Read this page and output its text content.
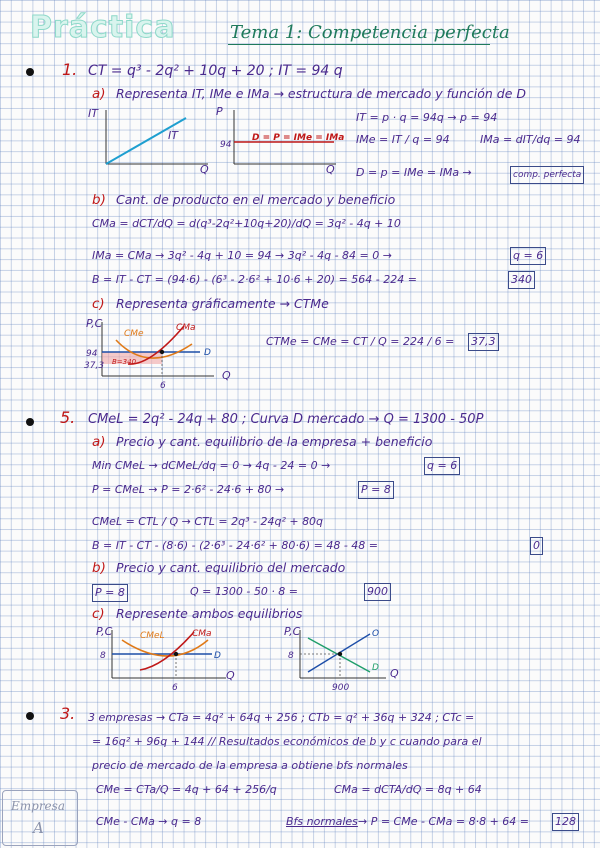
Práctica	Tema 1: Competencia perfecta
1. CT = q³ - 2q² + 10q + 20 ; IT = 94 q
a) Representa IT, IMe e IMa → estructura de mercado y función de D
IT
Q
IT
P
Q
94
D = P = IMe = IMa
IT = p · q = 94q → p = 94
IMe = IT / q = 94	IMa = dIT/dq = 94
D = p = IMe = IMa →	comp. perfecta
b) Cant. de producto en el mercado y beneficio
CMa = dCT/dQ = d(q³-2q²+10q+20)/dQ = 3q² - 4q + 10
IMa = CMa → 3q² - 4q + 10 = 94 → 3q² - 4q - 84 = 0 →	q = 6
B = IT - CT = (94·6) - (6³ - 2·6² + 10·6 + 20) = 564 - 224 =	340
c) Representa gráficamente → CTMe
P,C
Q
CMe
CMa
D
94
37,3
6
B=340
CTMe = CMe = CT / Q = 224 / 6 = 37,3
5. CMeL = 2q² - 24q + 80 ; Curva D mercado → Q = 1300 - 50P
a) Precio y cant. equilibrio de la empresa + beneficio
Min CMeL → dCMeL/dq = 0 → 4q - 24 = 0 →	q = 6
P = CMeL → P = 2·6² - 24·6 + 80 →	P = 8
CMeL = CTL / Q → CTL = 2q³ - 24q² + 80q
B = IT - CT - (8·6) - (2·6³ - 24·6² + 80·6) = 48 - 48 =	0
b) Precio y cant. equilibrio del mercado
P = 8	Q = 1300 - 50 · 8 =	900
c) Represente ambos equilibrios
P,C
Q
CMeL	CMa
D
8
6
P,C
Q
O
D
8
900
3. 3 empresas → CTa = 4q² + 64q + 256 ; CTb = q² + 36q + 324 ; CTc =
= 16q² + 96q + 144 // Resultados económicos de b y c cuando para el
precio de mercado de la empresa a obtiene bfs normales
CMe = CTa/Q = 4q + 64 + 256/q	CMa = dCTA/dQ = 8q + 64
CMe - CMa → q = 8	Bfs normales → P = CMe - CMa = 8·8 + 64 = 128
Empresa
A
